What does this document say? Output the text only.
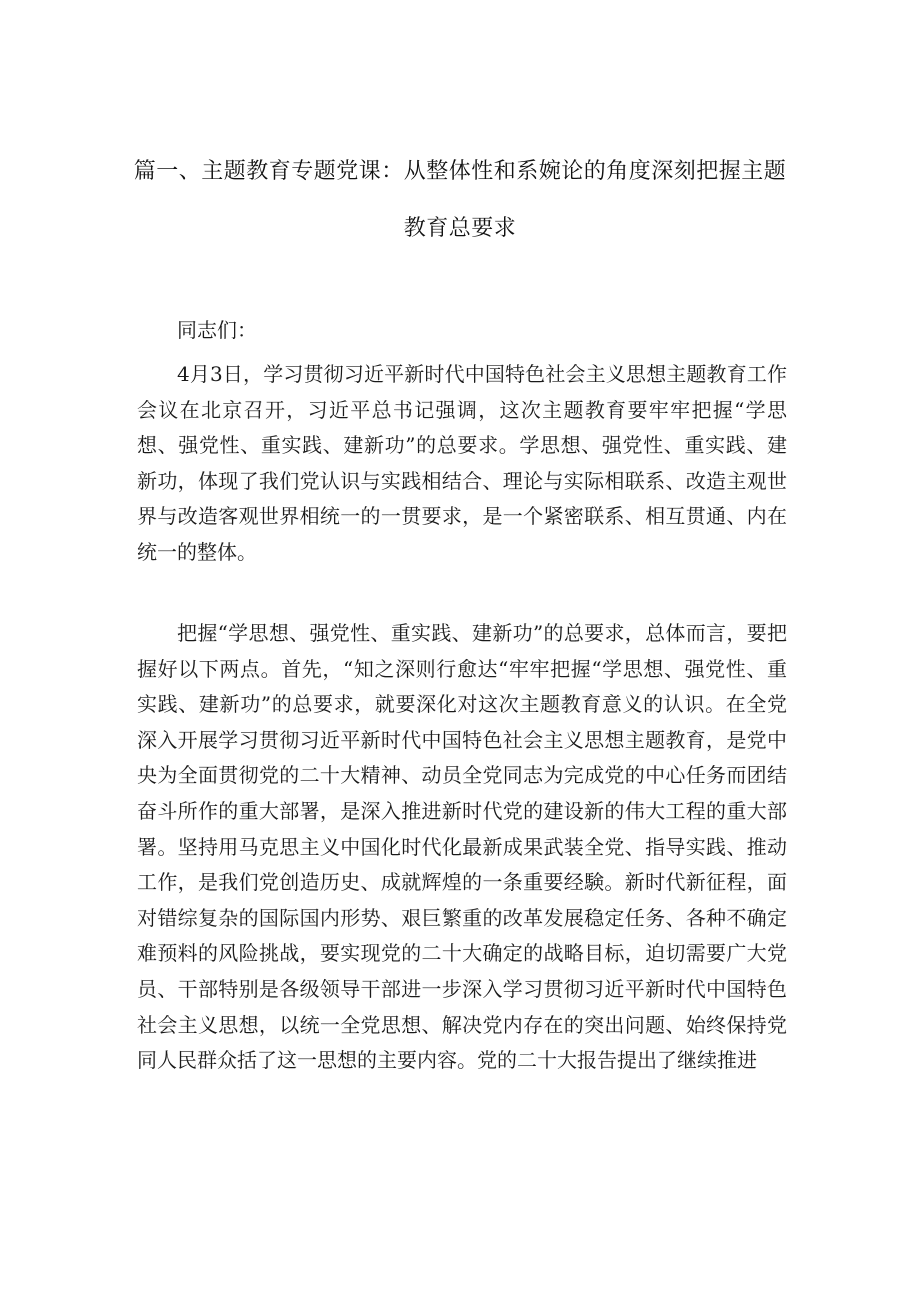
篇一、主题教育专题党课：从整体性和系婉论的角度深刻把握主题
教育总要求
同志们：

4月3日，学习贯彻习近平新时代中国特色社会主义思想主题教育工作会议在北京召开，习近平总书记强调，这次主题教育要牢牢把握“学思想、强党性、重实践、建新功”的总要求。学思想、强党性、重实践、建新功，体现了我们党认识与实践相结合、理论与实际相联系、改造主观世界与改造客观世界相统一的一贯要求，是一个紧密联系、相互贯通、内在统一的整体。

把握“学思想、强党性、重实践、建新功”的总要求，总体而言，要把握好以下两点。首先，“知之深则行愈达“牢牢把握“学思想、强党性、重实践、建新功”的总要求，就要深化对这次主题教育意义的认识。在全党深入开展学习贯彻习近平新时代中国特色社会主义思想主题教育，是党中央为全面贯彻党的二十大精神、动员全党同志为完成党的中心任务而团结奋斗所作的重大部署，是深入推进新时代党的建设新的伟大工程的重大部署。坚持用马克思主义中国化时代化最新成果武装全党、指导实践、推动工作，是我们党创造历史、成就辉煌的一条重要经験。新时代新征程，面对错综复杂的国际国内形势、艰巨繁重的改革发展稳定任务、各种不确定难预料的风险挑战，要实现党的二十大确定的战略目标，迫切需要广大党员、干部特别是各级领导干部进一步深入学习贯彻习近平新时代中国特色社会主义思想，以统一全党思想、解决党内存在的突出问题、始终保持党同人民群众括了这一思想的主要内容。党的二十大报告提出了继续推进
